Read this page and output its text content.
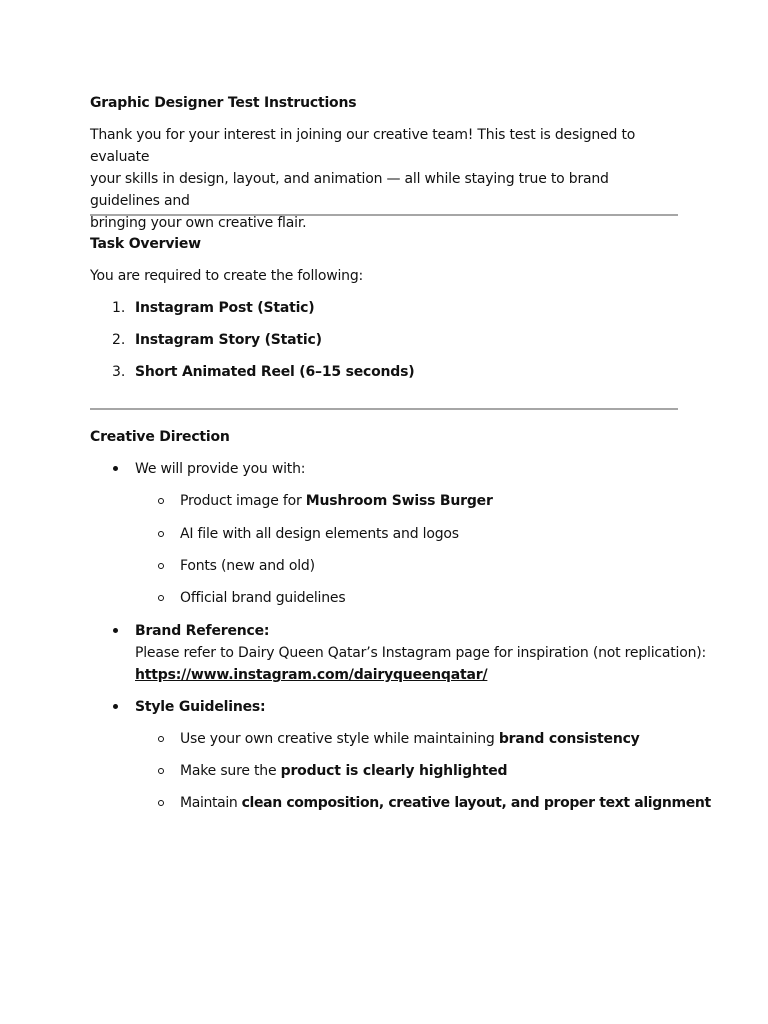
Graphic Designer Test Instructions
Thank you for your interest in joining our creative team! This test is designed to evaluate
your skills in design, layout, and animation — all while staying true to brand guidelines and
bringing your own creative flair.
Task Overview
You are required to create the following:
1. Instagram Post (Static)
2. Instagram Story (Static)
3. Short Animated Reel (6–15 seconds)
Creative Direction
We will provide you with:
Product image for Mushroom Swiss Burger
AI file with all design elements and logos
Fonts (new and old)
Official brand guidelines
Brand Reference:
Please refer to Dairy Queen Qatar’s Instagram page for inspiration (not replication):
https://www.instagram.com/dairyqueenqatar/
Style Guidelines:
Use your own creative style while maintaining brand consistency
Make sure the product is clearly highlighted
Maintain clean composition, creative layout, and proper text alignment
